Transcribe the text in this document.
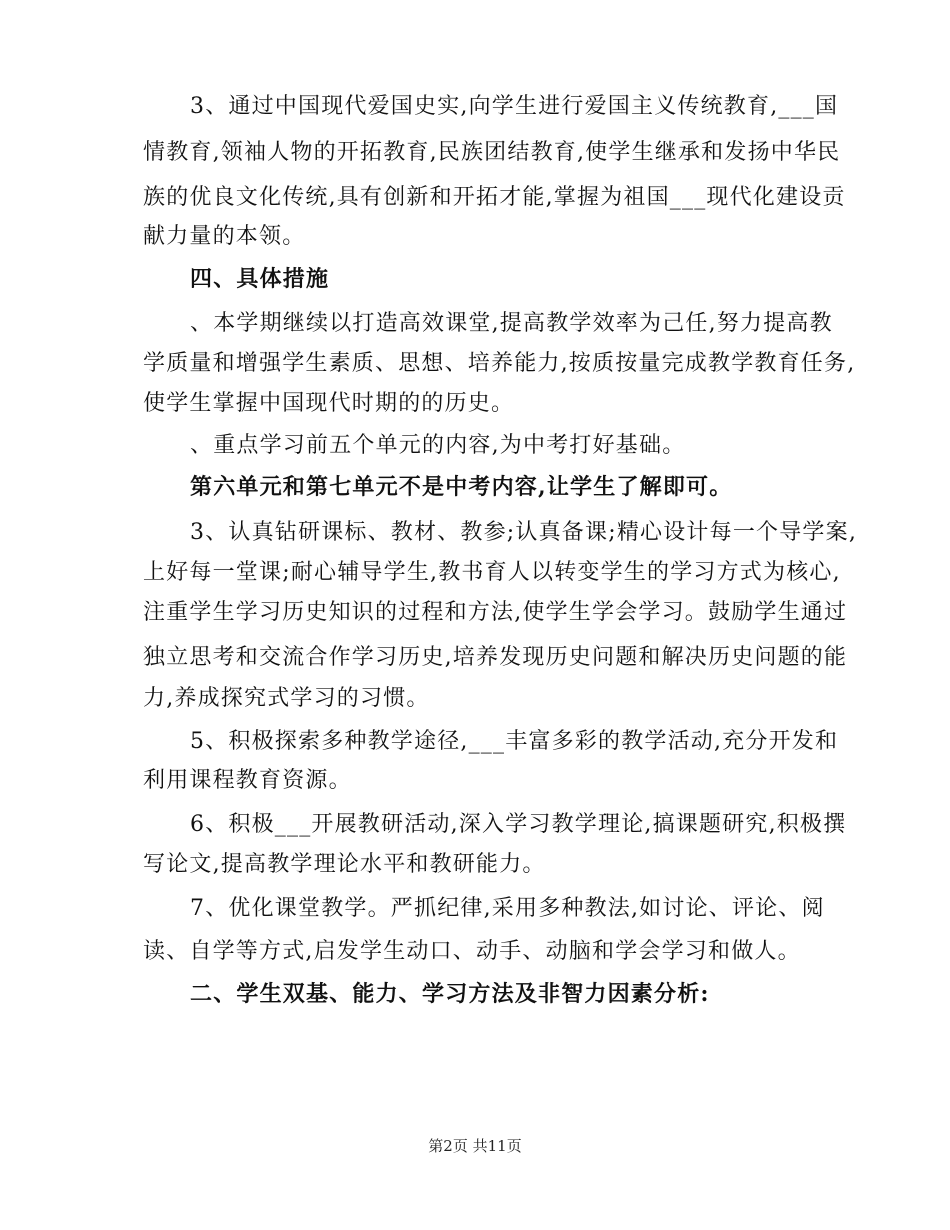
3、通过中国现代爱国史实,向学生进行爱国主义传统教育,___国
情教育,领袖人物的开拓教育,民族团结教育,使学生继承和发扬中华民
族的优良文化传统,具有创新和开拓才能,掌握为祖国___现代化建设贡
献力量的本领。
四、具体措施
、本学期继续以打造高效课堂,提高教学效率为己任,努力提高教
学质量和增强学生素质、思想、培养能力,按质按量完成教学教育任务,
使学生掌握中国现代时期的的历史。
、重点学习前五个单元的内容,为中考打好基础。
第六单元和第七单元不是中考内容,让学生了解即可。
3、认真钻研课标、教材、教参;认真备课;精心设计每一个导学案,
上好每一堂课;耐心辅导学生,教书育人以转变学生的学习方式为核心,
注重学生学习历史知识的过程和方法,使学生学会学习。鼓励学生通过
独立思考和交流合作学习历史,培养发现历史问题和解决历史问题的能
力,养成探究式学习的习惯。
5、积极探索多种教学途径,___丰富多彩的教学活动,充分开发和
利用课程教育资源。
6、积极___开展教研活动,深入学习教学理论,搞课题研究,积极撰
写论文,提高教学理论水平和教研能力。
7、优化课堂教学。严抓纪律,采用多种教法,如讨论、评论、阅
读、自学等方式,启发学生动口、动手、动脑和学会学习和做人。
二、学生双基、能力、学习方法及非智力因素分析:
第2页 共11页
